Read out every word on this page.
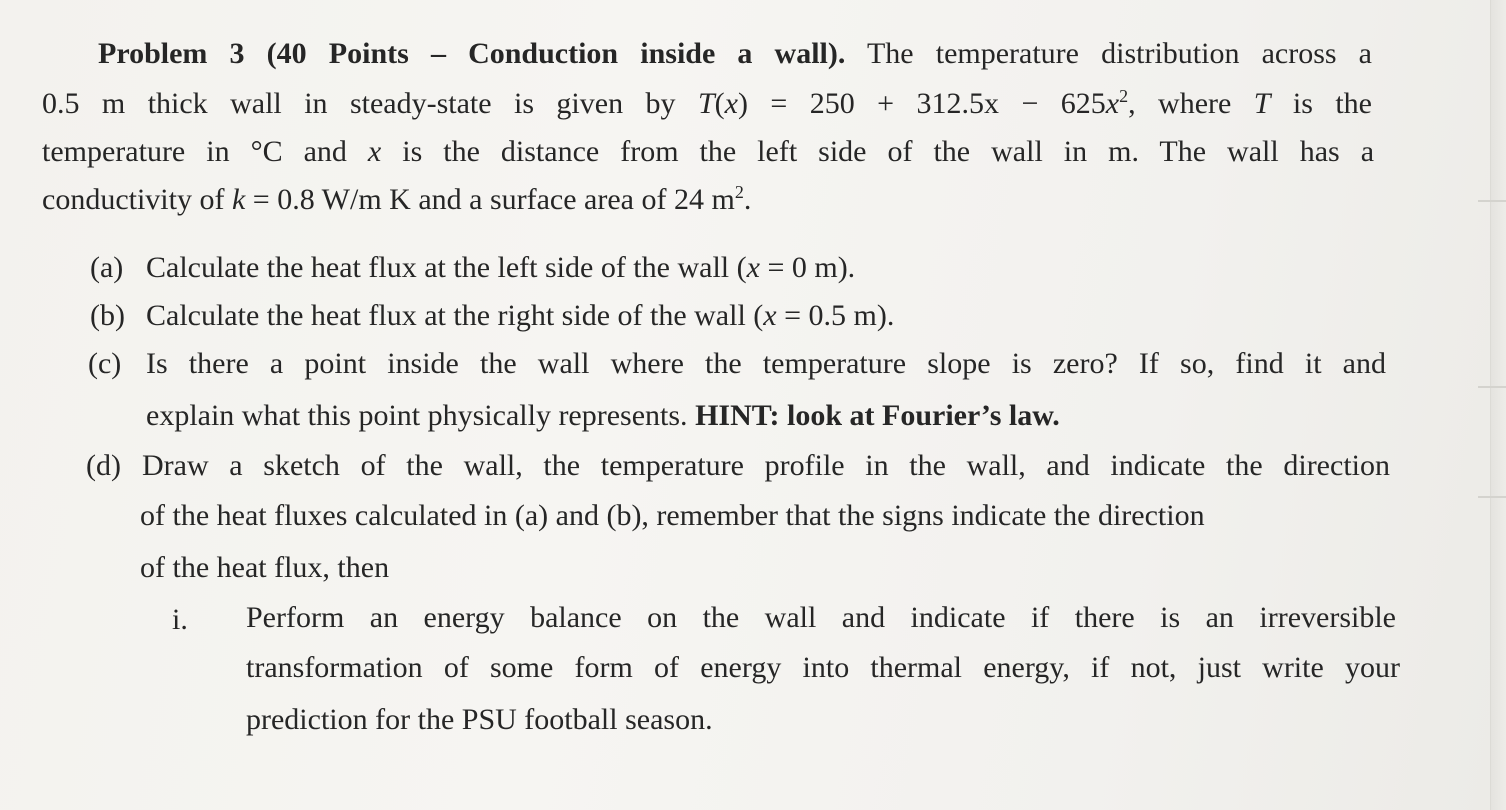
Problem 3 (40 Points – Conduction inside a wall). The temperature distribution across a
0.5 m thick wall in steady-state is given by $T(x) = 250 + 312.5x - 625x^2$, where T is the
temperature in °C and x is the distance from the left side of the wall in m. The wall has a
conductivity of k = 0.8 W/m K and a surface area of 24 $m^2$.
(a) Calculate the heat flux at the left side of the wall (x = 0 m).
(b) Calculate the heat flux at the right side of the wall (x = 0.5 m).
(c) Is there a point inside the wall where the temperature slope is zero? If so, find it and
explain what this point physically represents. HINT: look at Fourier’s law.
(d) Draw a sketch of the wall, the temperature profile in the wall, and indicate the direction
of the heat fluxes calculated in (a) and (b), remember that the signs indicate the direction
of the heat flux, then
i. Perform an energy balance on the wall and indicate if there is an irreversible
transformation of some form of energy into thermal energy, if not, just write your
prediction for the PSU football season.
